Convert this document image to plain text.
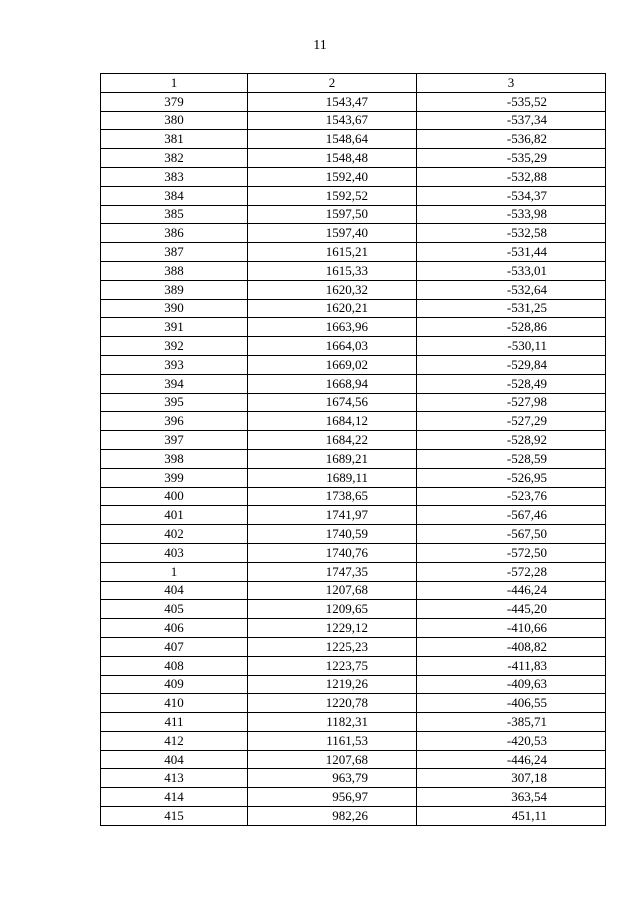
11
1	2	3
379	1543,47	-535,52
380	1543,67	-537,34
381	1548,64	-536,82
382	1548,48	-535,29
383	1592,40	-532,88
384	1592,52	-534,37
385	1597,50	-533,98
386	1597,40	-532,58
387	1615,21	-531,44
388	1615,33	-533,01
389	1620,32	-532,64
390	1620,21	-531,25
391	1663,96	-528,86
392	1664,03	-530,11
393	1669,02	-529,84
394	1668,94	-528,49
395	1674,56	-527,98
396	1684,12	-527,29
397	1684,22	-528,92
398	1689,21	-528,59
399	1689,11	-526,95
400	1738,65	-523,76
401	1741,97	-567,46
402	1740,59	-567,50
403	1740,76	-572,50
1	1747,35	-572,28
404	1207,68	-446,24
405	1209,65	-445,20
406	1229,12	-410,66
407	1225,23	-408,82
408	1223,75	-411,83
409	1219,26	-409,63
410	1220,78	-406,55
411	1182,31	-385,71
412	1161,53	-420,53
404	1207,68	-446,24
413	963,79	307,18
414	956,97	363,54
415	982,26	451,11
